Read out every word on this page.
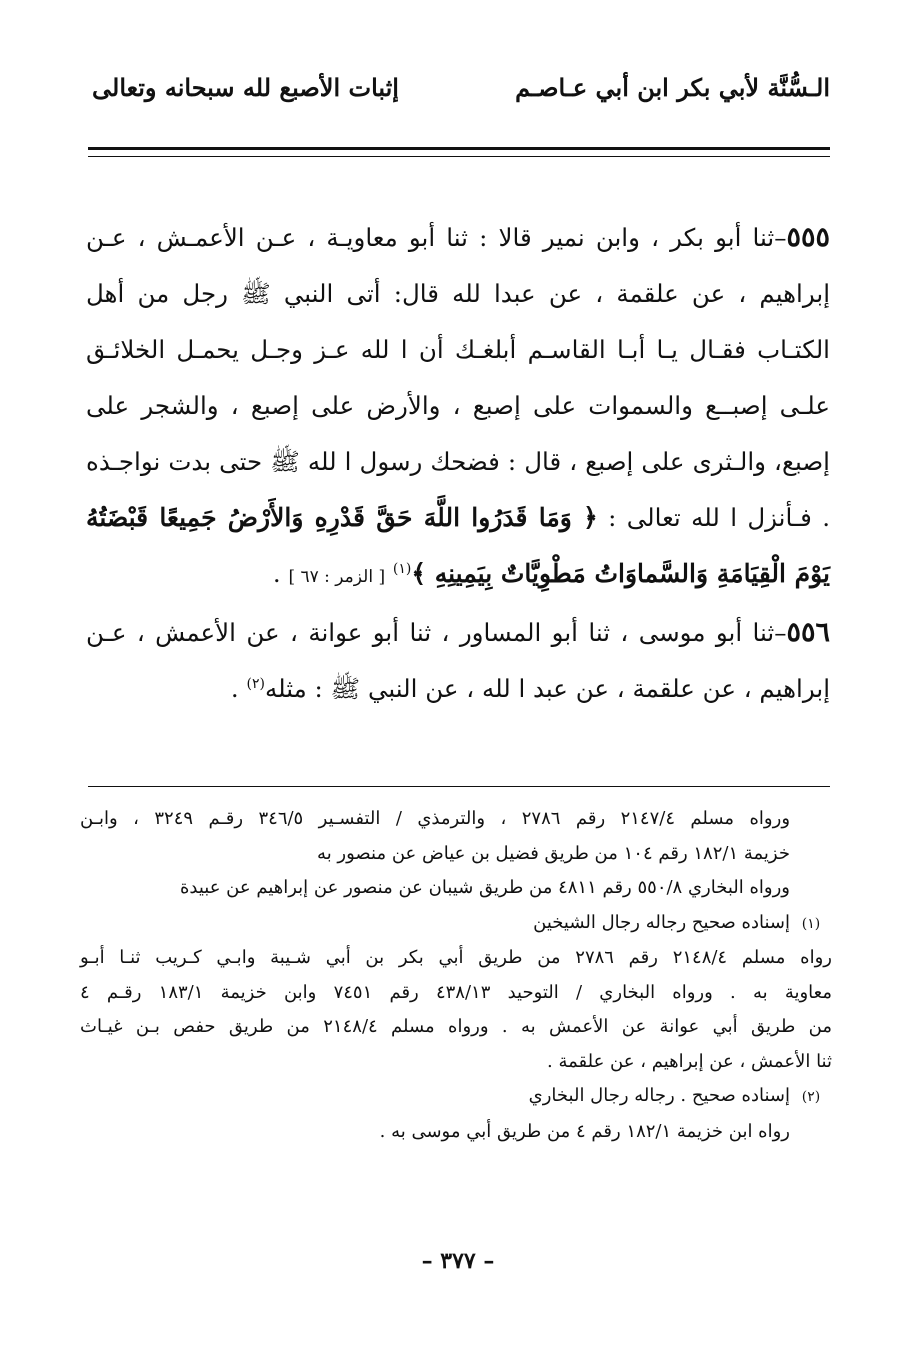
الـسُّنَّة لأبي بكر ابن أبي عـاصـم
إثبات الأصبع لله سبحانه وتعالى

٥٥٥–ثنا أبو بكر ، وابن نمير قالا : ثنا أبو معاويـة ، عـن الأعمـش ، عـن إبراهيم ، عن علقمة ، عن عبدا لله قال: أتى النبي ﷺ رجل من أهل الكتـاب فقـال يـا أبـا القاسـم أبلغـك أن ا لله عـز وجـل يحمـل الخلائـق علـى إصبــع والسموات على إصبع ، والأرض على إصبع ، والشجر على إصبع، والـثرى على إصبع ، قال : فضحك رسول ا لله ﷺ حتى بدت نواجـذه . فـأنزل ا لله تعالى : ﴿ وَمَا قَدَرُوا اللَّهَ حَقَّ قَدْرِهِ وَالأَرْضُ جَمِيعًا قَبْضَتُهُ يَوْمَ الْقِيَامَةِ وَالسَّماوَاتُ مَطْوِيَّاتٌ بِيَمِينِهِ ﴾$^{(١)}$ [ الزمر : ٦٧ ] .

٥٥٦–ثنا أبو موسى ، ثنا أبو المساور ، ثنا أبو عوانة ، عن الأعمش ، عـن إبراهيم ، عن علقمة ، عن عبد ا لله ، عن النبي ﷺ : مثله$^{(٢)}$ .

ورواه مسلم ٢١٤٧/٤ رقم ٢٧٨٦ ، والترمذي / التفسـير ٣٤٦/٥ رقـم ٣٢٤٩ ، وابـن

خزيمة ١٨٢/١ رقم ١٠٤ من طريق فضيل بن عياض عن منصور به

ورواه البخاري ٥٥٠/٨ رقم ٤٨١١ من طريق شيبان عن منصور عن إبراهيم عن عبيدة

(١)
إسناده صحيح رجاله رجال الشيخين

رواه مسلم ٢١٤٨/٤ رقم ٢٧٨٦ من طريق أبي بكر بن أبي شـيبة وابـي كـريب ثنـا أبـو

معاوية به . ورواه البخاري / التوحيد ٤٣٨/١٣ رقم ٧٤٥١ وابن خزيمة ١٨٣/١ رقـم ٤

من طريق أبي عوانة عن الأعمش به . ورواه مسلم ٢١٤٨/٤ من طريق حفص بـن غيـاث

ثنا الأعمش ، عن إبراهيم ، عن علقمة .

(٢)
إسناده صحيح . رجاله رجال البخاري

رواه ابن خزيمة ١٨٢/١ رقم ٤ من طريق أبي موسى به .

– ٣٧٧ –
